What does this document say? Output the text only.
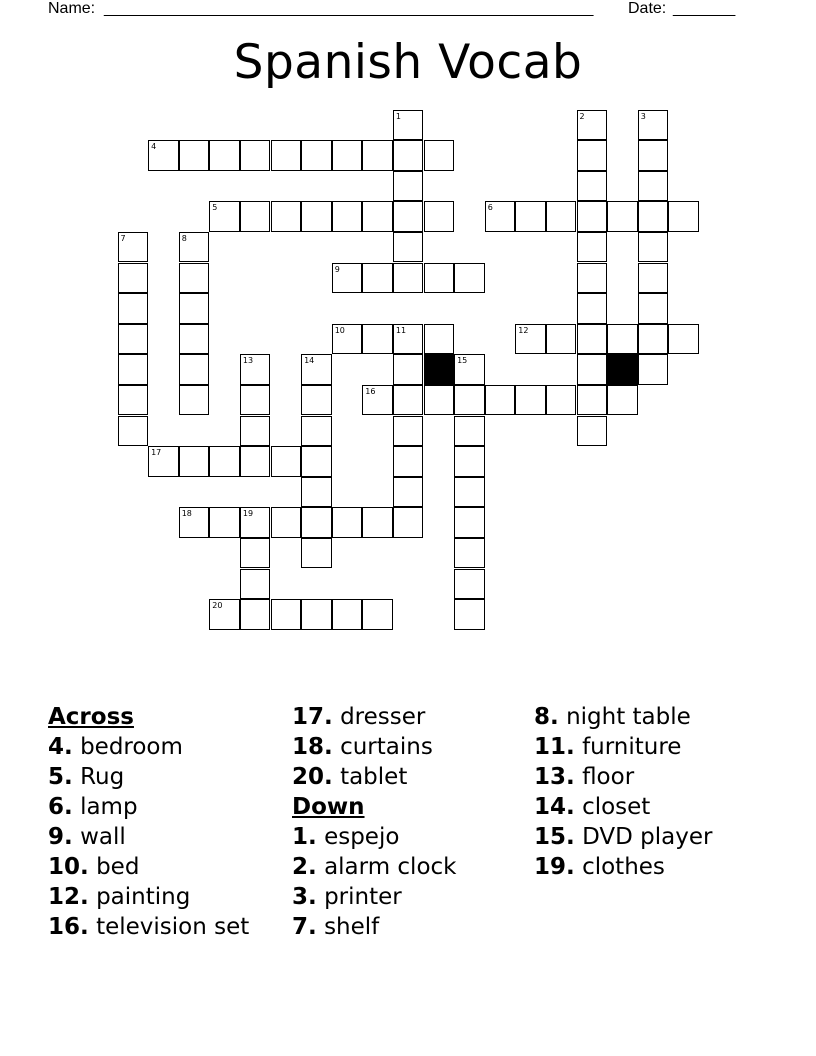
Name: _______________________________________________________ Date: _______
Spanish Vocab
1	2	3
4
5	6
7	8
9
10	11	12
13	14	15
16
17
18	19
20

Across

4. bedroom

5. Rug

6. lamp

9. wall

10. bed

12. painting

16. television set

17. dresser

18. curtains

20. tablet

Down

1. espejo

2. alarm clock

3. printer

7. shelf

8. night table

11. furniture

13. floor

14. closet

15. DVD player

19. clothes
